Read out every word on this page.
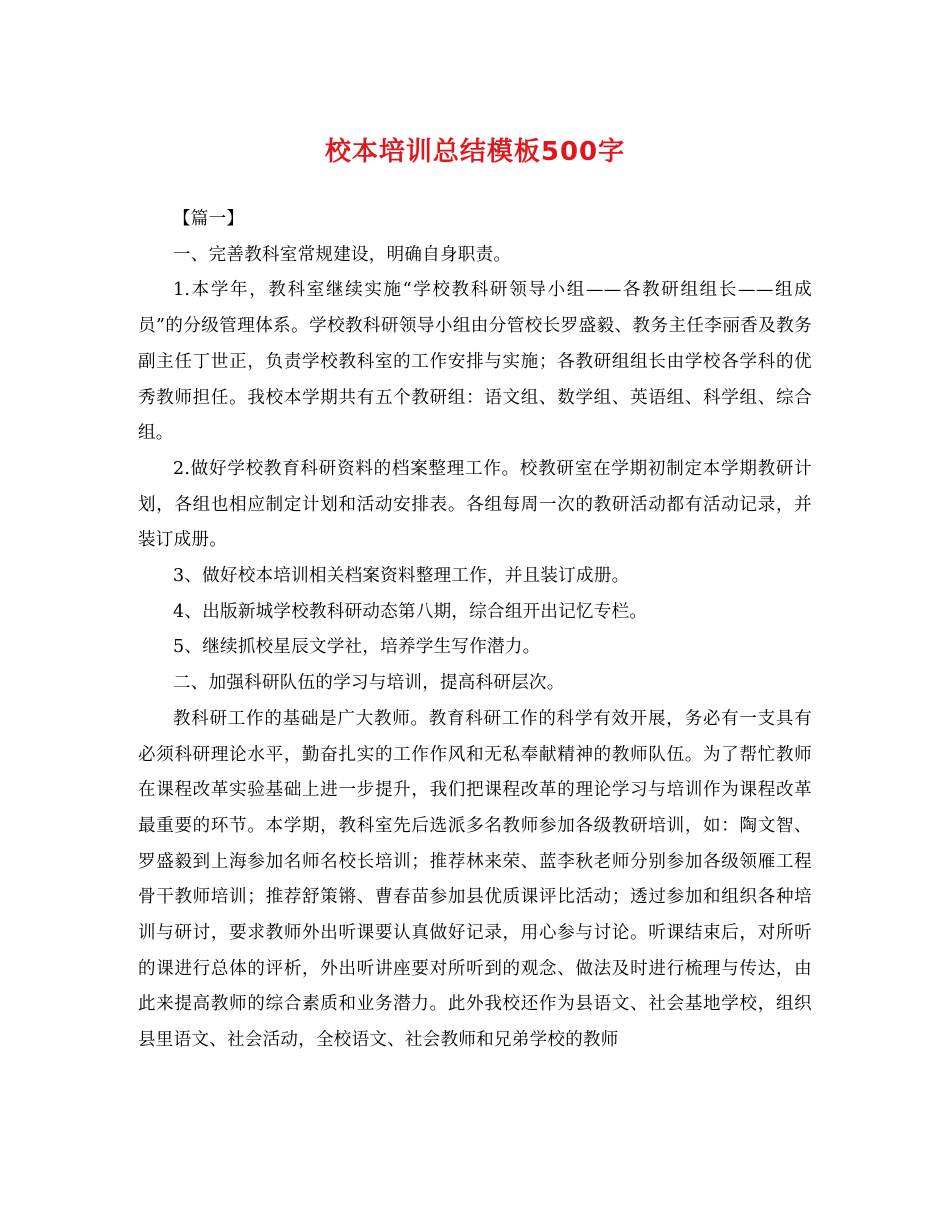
校本培训总结模板500字

【篇一】

一、完善教科室常规建设，明确自身职责。

1.本学年，教科室继续实施“学校教科研领导小组——各教研组组长——组成员”的分级管理体系。学校教科研领导小组由分管校长罗盛毅、教务主任李丽香及教务副主任丁世正，负责学校教科室的工作安排与实施；各教研组组长由学校各学科的优秀教师担任。我校本学期共有五个教研组：语文组、数学组、英语组、科学组、综合组。

2.做好学校教育科研资料的档案整理工作。校教研室在学期初制定本学期教研计划，各组也相应制定计划和活动安排表。各组每周一次的教研活动都有活动记录，并装订成册。

3、做好校本培训相关档案资料整理工作，并且装订成册。

4、出版新城学校教科研动态第八期，综合组开出记忆专栏。

5、继续抓校星辰文学社，培养学生写作潜力。

二、加强科研队伍的学习与培训，提高科研层次。

教科研工作的基础是广大教师。教育科研工作的科学有效开展，务必有一支具有必须科研理论水平，勤奋扎实的工作作风和无私奉献精神的教师队伍。为了帮忙教师在课程改革实验基础上进一步提升，我们把课程改革的理论学习与培训作为课程改革最重要的环节。本学期，教科室先后选派多名教师参加各级教研培训，如：陶文智、罗盛毅到上海参加名师名校长培训；推荐林来荣、蓝李秋老师分别参加各级领雁工程骨干教师培训；推荐舒策锵、曹春苗参加县优质课评比活动；透过参加和组织各种培训与研讨，要求教师外出听课要认真做好记录，用心参与讨论。听课结束后，对所听的课进行总体的评析，外出听讲座要对所听到的观念、做法及时进行梳理与传达，由此来提高教师的综合素质和业务潜力。此外我校还作为县语文、社会基地学校，组织县里语文、社会活动，全校语文、社会教师和兄弟学校的教师
